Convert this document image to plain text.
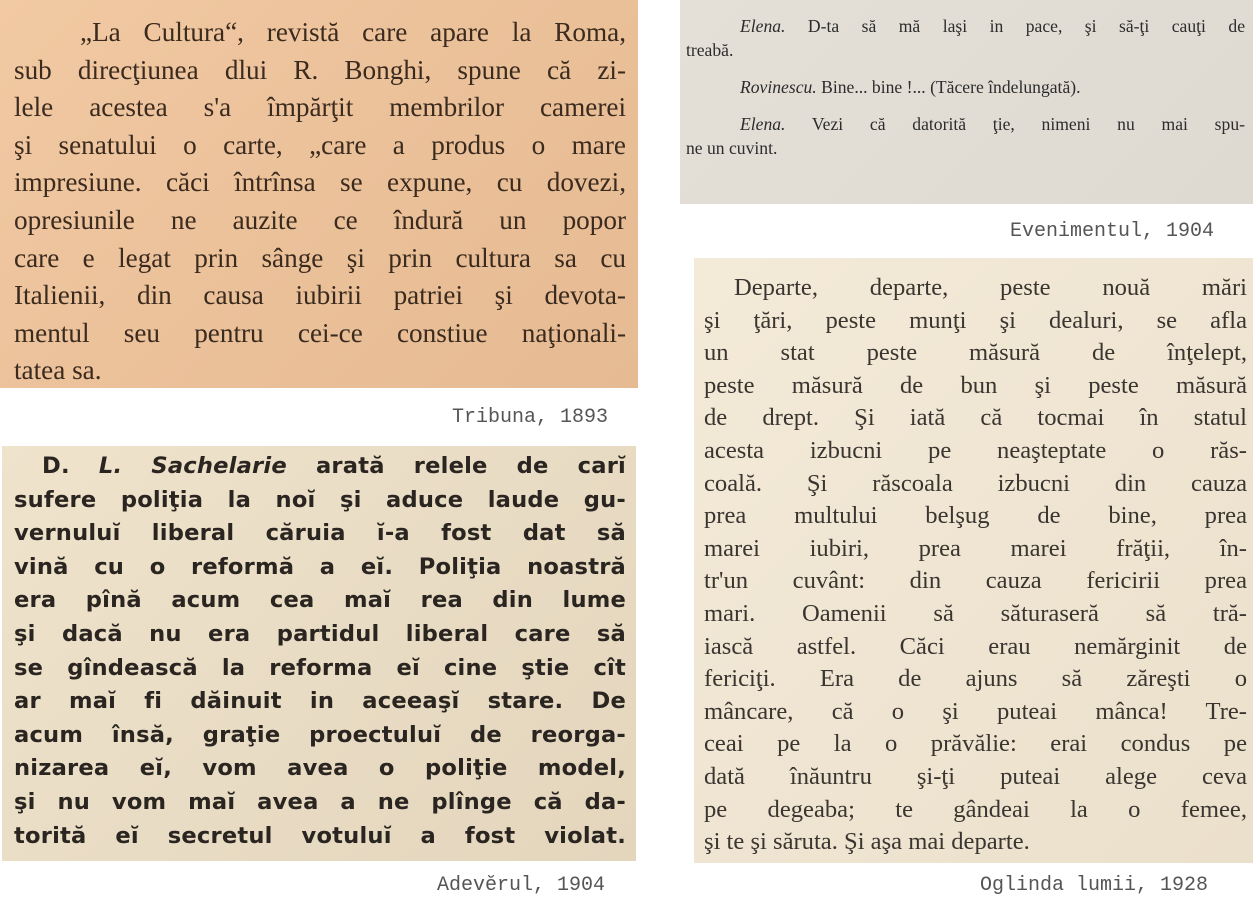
„La Cultura“, revistă care apare la Roma,
sub direcţiunea dlui R. Bonghi, spune că zi-
lele acestea s'a împărţit membrilor camerei
şi senatului o carte, „care a produs o mare
impresiune. căci întrînsa se expune, cu dovezi,
opresiunile ne auzite ce îndură un popor
care e legat prin sânge şi prin cultura sa cu
Italienii, din causa iubirii patriei şi devota-
mentul seu pentru cei-ce constiue naţionali-
tatea sa.
Tribuna, 1893
Elena. D-ta să mă laşi in pace, şi să-ţi cauţi de
treabă.
Rovinescu. Bine... bine !... (Tăcere îndelungată).
Elena. Vezi că datorită ţie, nimeni nu mai spu-
ne un cuvint.
Evenimentul, 1904
D. L. Sachelarie arată relele de carĭ
sufere poliţia la noĭ şi aduce laude gu-
vernuluĭ liberal căruia ĭ-a fost dat să
vină cu o reformă a eĭ. Poliţia noastră
era pînă acum cea maĭ rea din lume
şi dacă nu era partidul liberal care să
se gîndească la reforma eĭ cine ştie cît
ar maĭ fi dăinuit in aceeaşĭ stare. De
acum însă, graţie proectuluĭ de reorga-
nizarea eĭ, vom avea o poliţie model,
şi nu vom maĭ avea a ne plînge că da-
torită eĭ secretul votuluĭ a fost violat.
Adevĕrul, 1904
Departe, departe, peste nouă mări
şi ţări, peste munţi şi dealuri, se afla
un stat peste măsură de înţelept,
peste măsură de bun şi peste măsură
de drept. Şi iată că tocmai în statul
acesta izbucni pe neaşteptate o răs-
coală. Şi răscoala izbucni din cauza
prea multului belşug de bine, prea
marei iubiri, prea marei frăţii, în-
tr'un cuvânt: din cauza fericirii prea
mari. Oamenii să săturaseră să tră-
iască astfel. Căci erau nemărginit de
fericiţi. Era de ajuns să zăreşti o
mâncare, că o şi puteai mânca! Tre-
ceai pe la o prăvălie: erai condus pe
dată înăuntru şi-ţi puteai alege ceva
pe degeaba; te gândeai la o femee,
şi te şi săruta. Şi aşa mai departe.
Oglinda lumii, 1928
